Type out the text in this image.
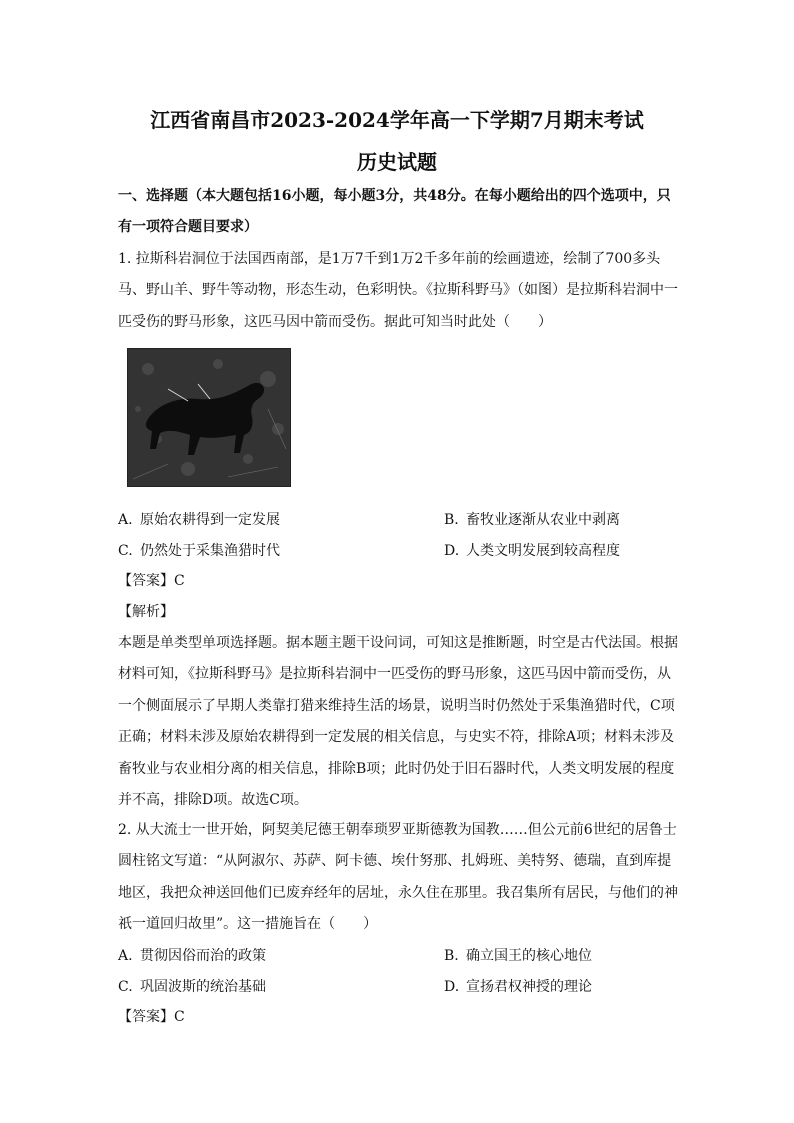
江西省南昌市2023-2024学年高一下学期7月期末考试
历史试题
一、选择题（本大题包括16小题，每小题3分，共48分。在每小题给出的四个选项中，只有一项符合题目要求）
1. 拉斯科岩洞位于法国西南部，是1万7千到1万2千多年前的绘画遗迹，绘制了700多头马、野山羊、野牛等动物，形态生动，色彩明快。《拉斯科野马》（如图）是拉斯科岩洞中一匹受伤的野马形象，这匹马因中箭而受伤。据此可知当时此处（　　）
A. 原始农耕得到一定发展	B. 畜牧业逐渐从农业中剥离
C. 仍然处于采集渔猎时代	D. 人类文明发展到较高程度
【答案】C
【解析】
本题是单类型单项选择题。据本题主题干设问词，可知这是推断题，时空是古代法国。根据材料可知，《拉斯科野马》是拉斯科岩洞中一匹受伤的野马形象，这匹马因中箭而受伤，从一个侧面展示了早期人类靠打猎来维持生活的场景，说明当时仍然处于采集渔猎时代，C项正确；材料未涉及原始农耕得到一定发展的相关信息，与史实不符，排除A项；材料未涉及畜牧业与农业相分离的相关信息，排除B项；此时仍处于旧石器时代，人类文明发展的程度并不高，排除D项。故选C项。
2. 从大流士一世开始，阿契美尼德王朝奉琐罗亚斯德教为国教……但公元前6世纪的居鲁士圆柱铭文写道：“从阿淑尔、苏萨、阿卡德、埃什努那、扎姆班、美特努、德瑞，直到库提地区，我把众神送回他们已废弃经年的居址，永久住在那里。我召集所有居民，与他们的神祇一道回归故里”。这一措施旨在（　　）
A. 贯彻因俗而治的政策	B. 确立国王的核心地位
C. 巩固波斯的统治基础	D. 宣扬君权神授的理论
【答案】C
